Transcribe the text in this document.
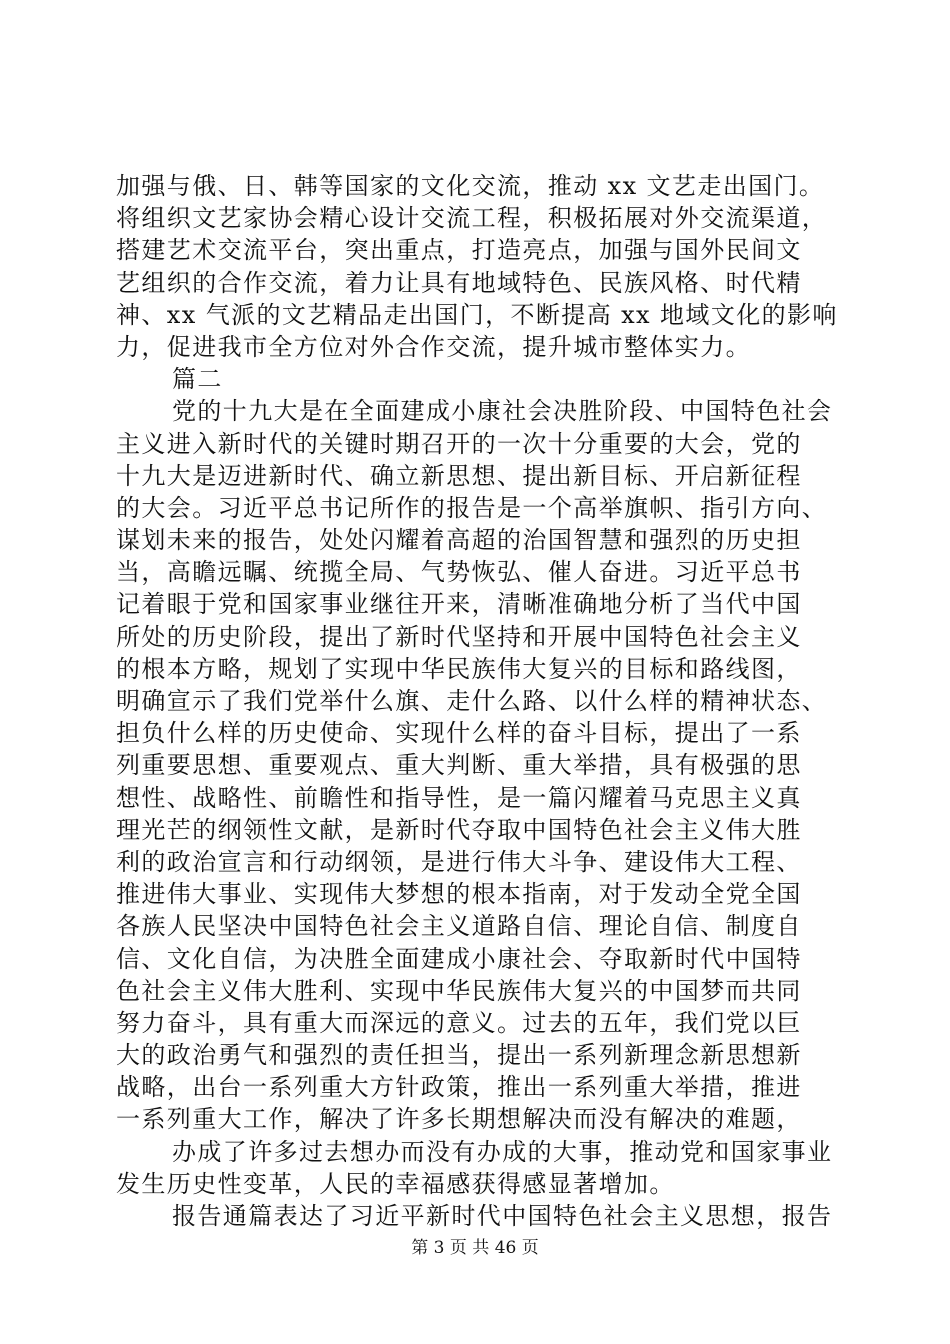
加强与俄、日、韩等国家的文化交流，推动 xx 文艺走出国门。
将组织文艺家协会精心设计交流工程，积极拓展对外交流渠道，
搭建艺术交流平台，突出重点，打造亮点，加强与国外民间文
艺组织的合作交流，着力让具有地域特色、民族风格、时代精
神、xx 气派的文艺精品走出国门，不断提高 xx 地域文化的影响
力，促进我市全方位对外合作交流，提升城市整体实力。
篇二
党的十九大是在全面建成小康社会决胜阶段、中国特色社会
主义进入新时代的关键时期召开的一次十分重要的大会，党的
十九大是迈进新时代、确立新思想、提出新目标、开启新征程
的大会。习近平总书记所作的报告是一个高举旗帜、指引方向、
谋划未来的报告，处处闪耀着高超的治国智慧和强烈的历史担
当，高瞻远瞩、统揽全局、气势恢弘、催人奋进。习近平总书
记着眼于党和国家事业继往开来，清晰准确地分析了当代中国
所处的历史阶段，提出了新时代坚持和开展中国特色社会主义
的根本方略，规划了实现中华民族伟大复兴的目标和路线图，
明确宣示了我们党举什么旗、走什么路、以什么样的精神状态、
担负什么样的历史使命、实现什么样的奋斗目标，提出了一系
列重要思想、重要观点、重大判断、重大举措，具有极强的思
想性、战略性、前瞻性和指导性，是一篇闪耀着马克思主义真
理光芒的纲领性文献，是新时代夺取中国特色社会主义伟大胜
利的政治宣言和行动纲领，是进行伟大斗争、建设伟大工程、
推进伟大事业、实现伟大梦想的根本指南，对于发动全党全国
各族人民坚决中国特色社会主义道路自信、理论自信、制度自
信、文化自信，为决胜全面建成小康社会、夺取新时代中国特
色社会主义伟大胜利、实现中华民族伟大复兴的中国梦而共同
努力奋斗，具有重大而深远的意义。过去的五年，我们党以巨
大的政治勇气和强烈的责任担当，提出一系列新理念新思想新
战略，出台一系列重大方针政策，推出一系列重大举措，推进
一系列重大工作，解决了许多长期想解决而没有解决的难题，
办成了许多过去想办而没有办成的大事，推动党和国家事业
发生历史性变革，人民的幸福感获得感显著增加。
报告通篇表达了习近平新时代中国特色社会主义思想，报告
第 3 页 共 46 页
